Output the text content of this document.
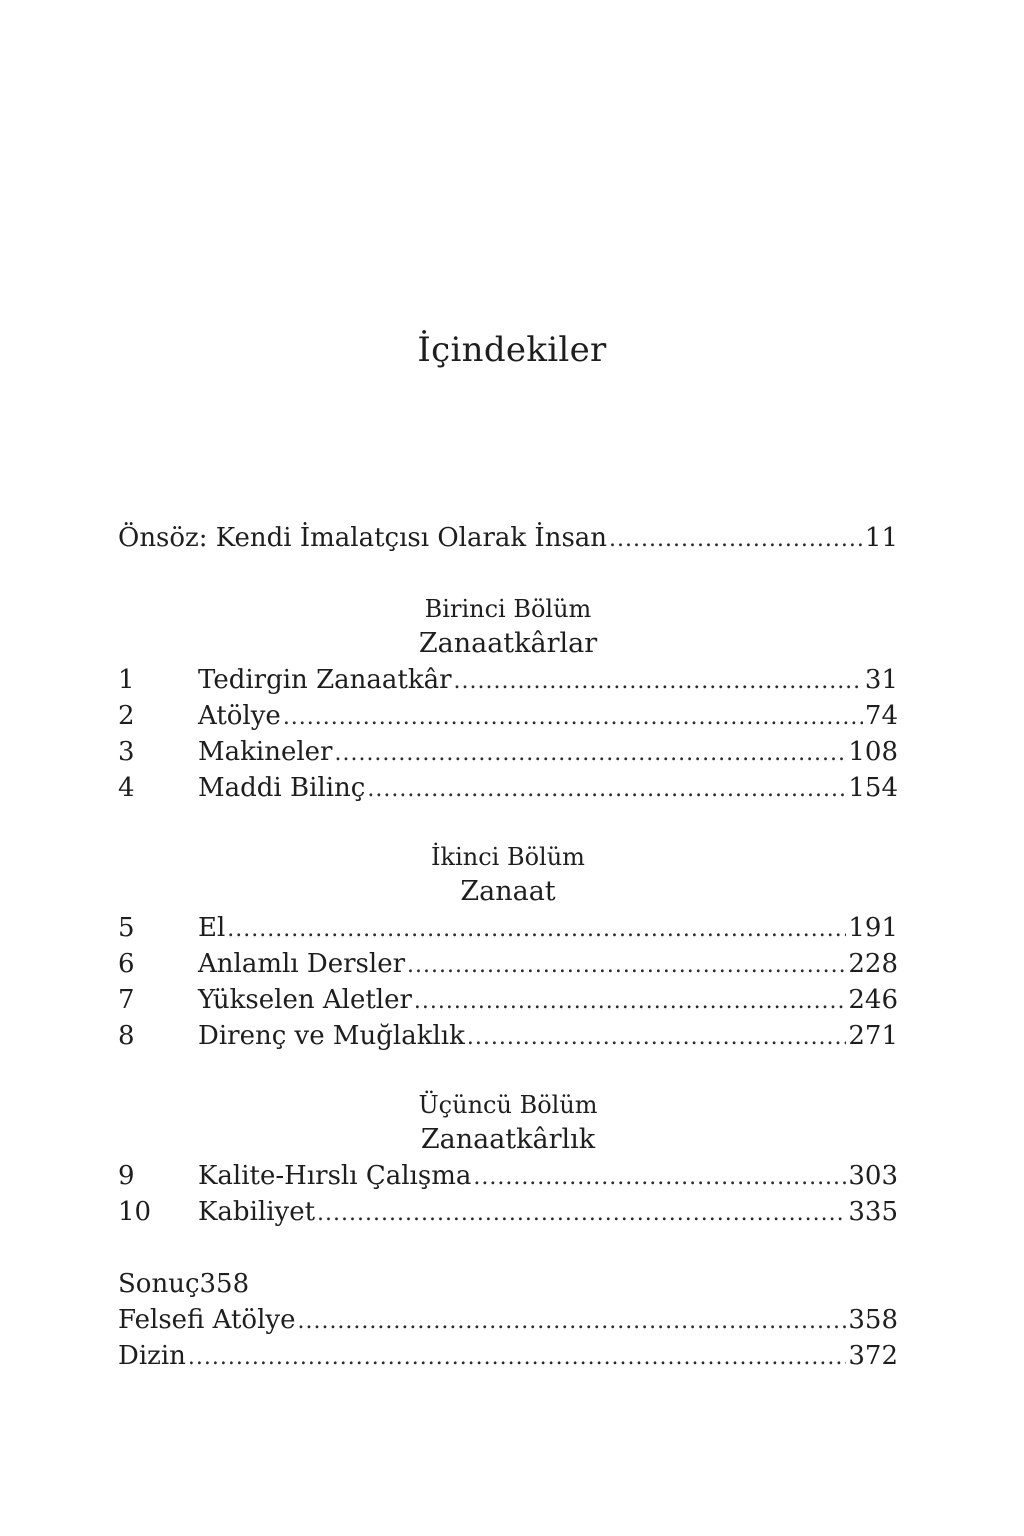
İçindekiler
Önsöz: Kendi İmalatçısı Olarak İnsan .....	11
Birinci Bölüm
Zanaatkârlar
1	Tedirgin Zanaatkâr .....	31
2	Atölye .....	74
3	Makineler .....	108
4	Maddi Bilinç .....	154
İkinci Bölüm
Zanaat
5	El .....	191
6	Anlamlı Dersler .....	228
7	Yükselen Aletler .....	246
8	Direnç ve Muğlaklık .....	271
Üçüncü Bölüm
Zanaatkârlık
9	Kalite-Hırslı Çalışma .....	303
10	Kabiliyet .....	335
Sonuç358
Felsefi Atölye .....	358
Dizin .....	372
